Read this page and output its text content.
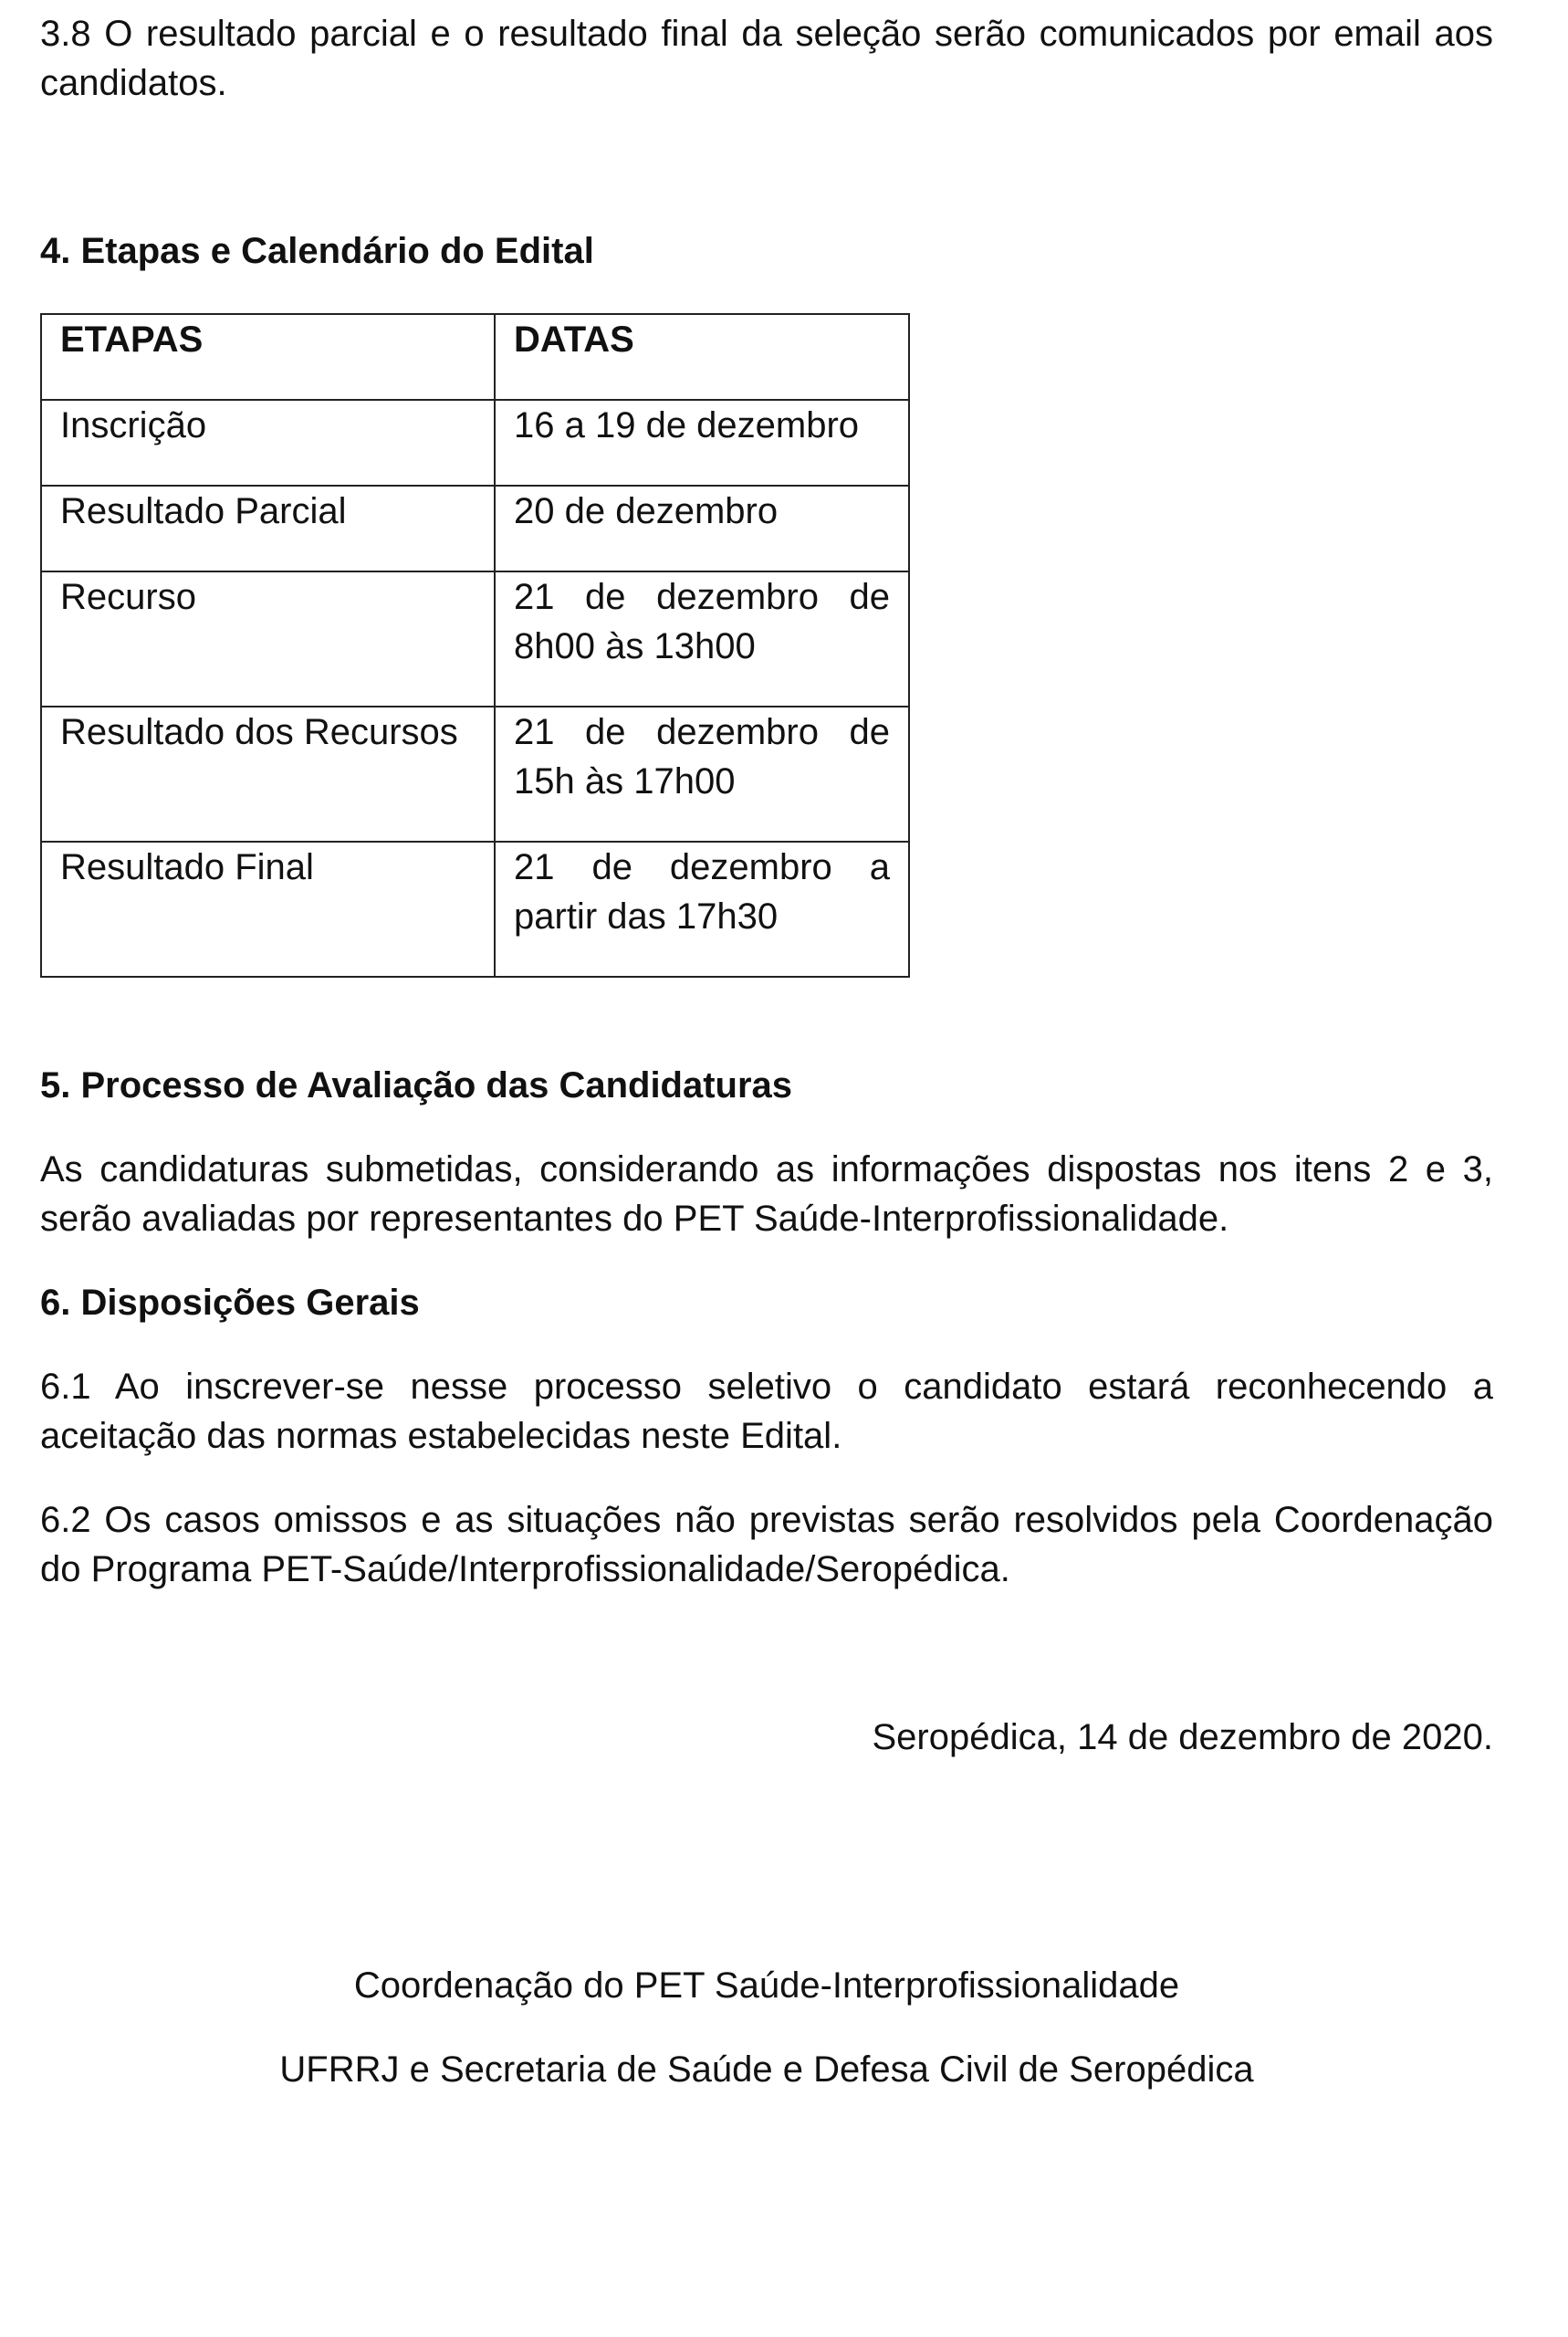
3.8 O resultado parcial e o resultado final da seleção serão comunicados por email aos candidatos.

4. Etapas e Calendário do Edital

ETAPAS	DATAS
Inscrição	16 a 19 de dezembro
Resultado Parcial	20 de dezembro
Recurso	21 de dezembro de 8h00 às 13h00
Resultado dos Recursos	21 de dezembro de 15h às 17h00
Resultado Final	21 de dezembro a partir das 17h30

5. Processo de Avaliação das Candidaturas

As candidaturas submetidas, considerando as informações dispostas nos itens 2 e 3, serão avaliadas por representantes do PET Saúde-Interprofissionalidade.

6. Disposições Gerais

6.1 Ao inscrever-se nesse processo seletivo o candidato estará reconhecendo a aceitação das normas estabelecidas neste Edital.

6.2 Os casos omissos e as situações não previstas serão resolvidos pela Coordenação do Programa PET-Saúde/Interprofissionalidade/Seropédica.

Seropédica, 14 de dezembro de 2020.

Coordenação do PET Saúde-Interprofissionalidade

UFRRJ e Secretaria de Saúde e Defesa Civil de Seropédica
